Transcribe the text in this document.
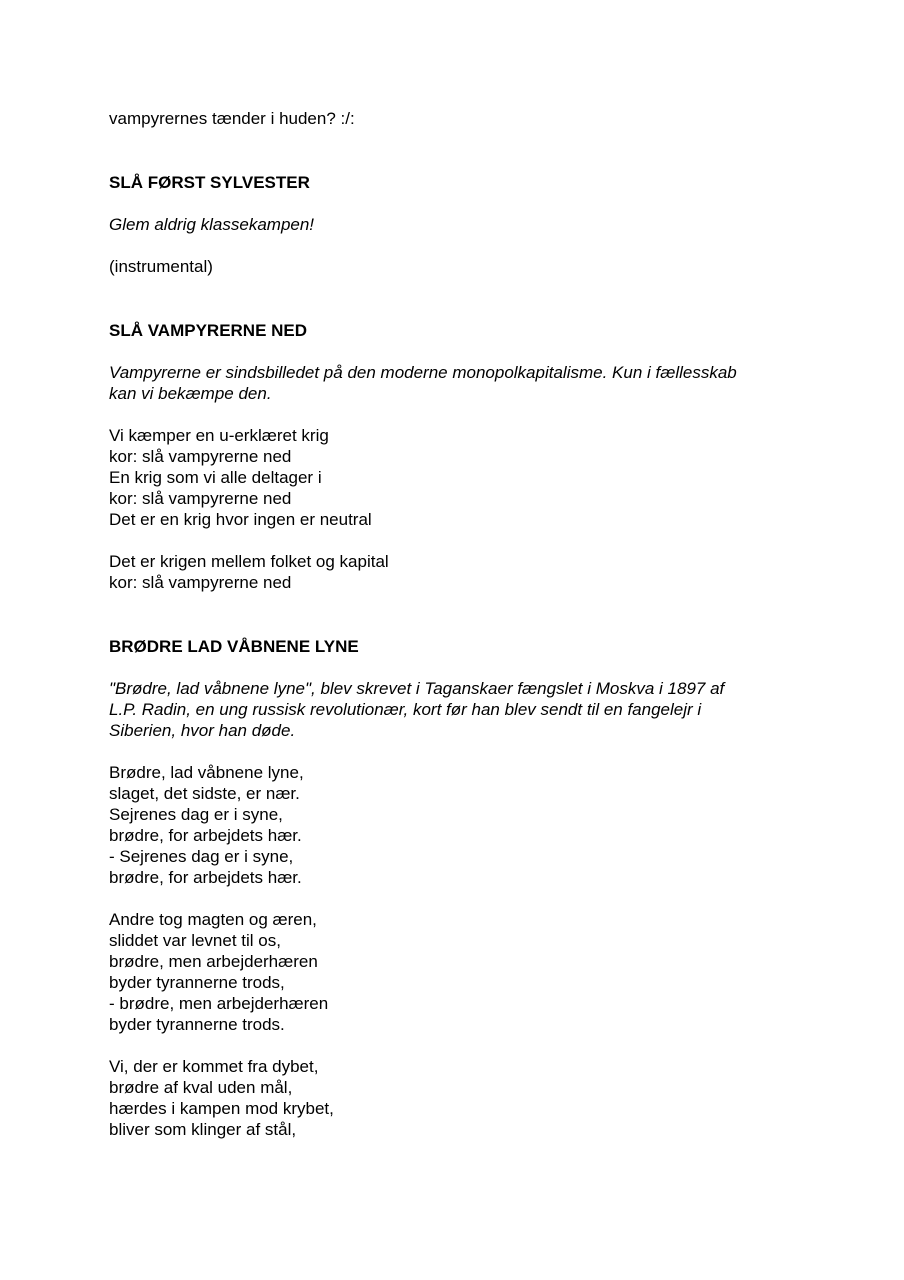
vampyrernes tænder i huden? :/:
SLÅ FØRST SYLVESTER
Glem aldrig klassekampen!
(instrumental)
SLÅ VAMPYRERNE NED
Vampyrerne er sindsbilledet på den moderne monopolkapitalisme. Kun i fællesskab
kan vi bekæmpe den.
Vi kæmper en u-erklæret krig
kor: slå vampyrerne ned
En krig som vi alle deltager i
kor: slå vampyrerne ned
Det er en krig hvor ingen er neutral
Det er krigen mellem folket og kapital
kor: slå vampyrerne ned
BRØDRE LAD VÅBNENE LYNE
"Brødre, lad våbnene lyne", blev skrevet i Taganskaer fængslet i Moskva i 1897 af
L.P. Radin, en ung russisk revolutionær, kort før han blev sendt til en fangelejr i
Siberien, hvor han døde.
Brødre, lad våbnene lyne,
slaget, det sidste, er nær.
Sejrenes dag er i syne,
brødre, for arbejdets hær.
- Sejrenes dag er i syne,
brødre, for arbejdets hær.
Andre tog magten og æren,
sliddet var levnet til os,
brødre, men arbejderhæren
byder tyrannerne trods,
- brødre, men arbejderhæren
byder tyrannerne trods.
Vi, der er kommet fra dybet,
brødre af kval uden mål,
hærdes i kampen mod krybet,
bliver som klinger af stål,
